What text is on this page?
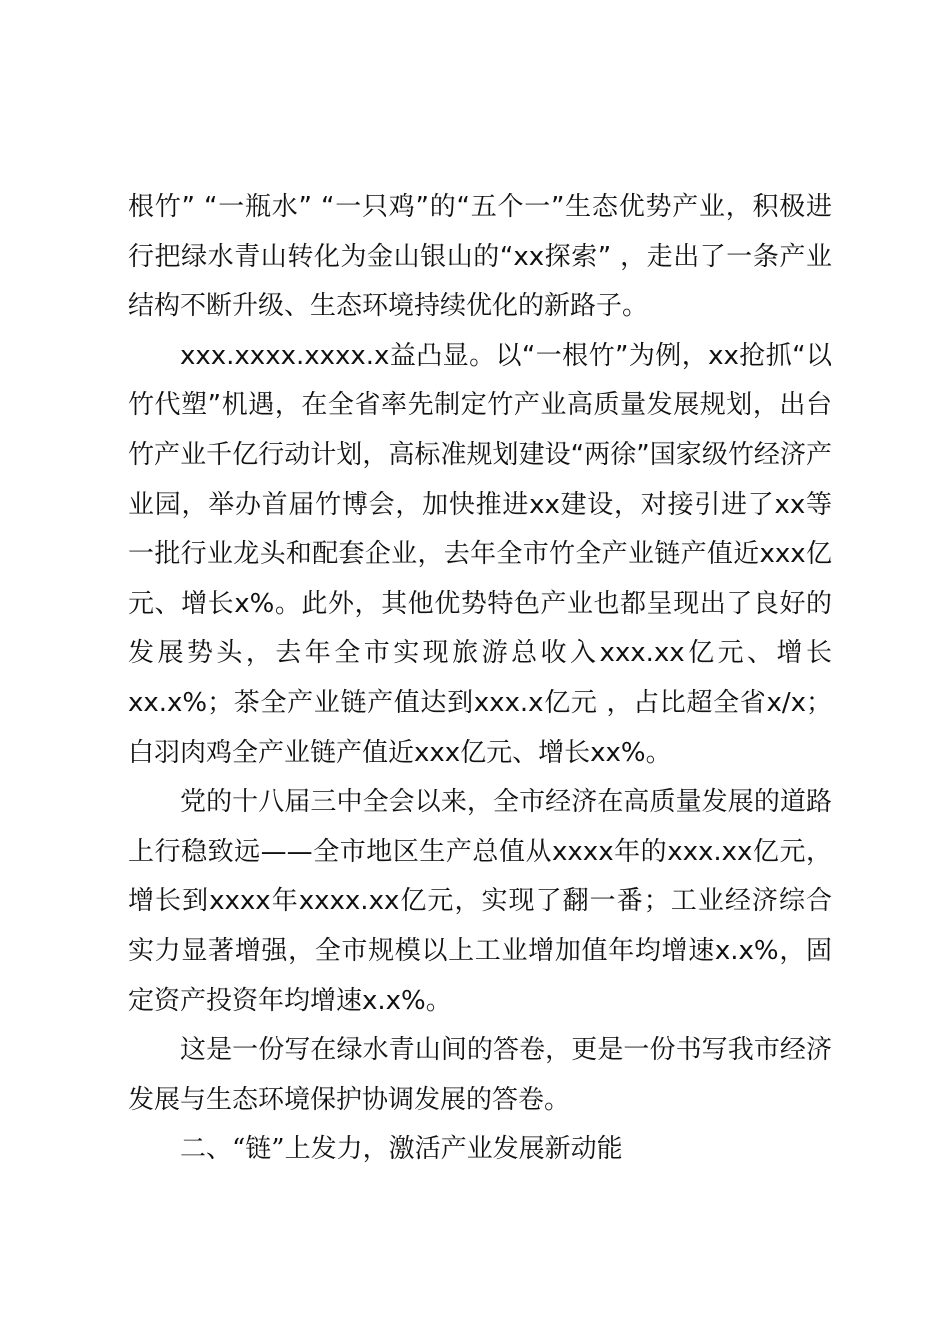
根竹” “一瓶水” “一只鸡”的“五个一”生态优势产业，积极进行把绿水青山转化为金山银山的“xx探索” ，走出了一条产业结构不断升级、生态环境持续优化的新路子。

xxx.xxxx.xxxx.x益凸显。以“一根竹”为例，xx抢抓“以竹代塑”机遇，在全省率先制定竹产业高质量发展规划，出台竹产业千亿行动计划，高标准规划建设“两徐”国家级竹经济产业园，举办首届竹博会，加快推进xx建设，对接引进了xx等一批行业龙头和配套企业，去年全市竹全产业链产值近xxx亿元、增长x%。此外，其他优势特色产业也都呈现出了良好的发展势头，去年全市实现旅游总收入xxx.xx亿元、增长xx.x%；茶全产业链产值达到xxx.x亿元 ，占比超全省x/x；白羽肉鸡全产业链产值近xxx亿元、增长xx%。

党的十八届三中全会以来，全市经济在高质量发展的道路上行稳致远——全市地区生产总值从xxxx年的xxx.xx亿元，增长到xxxx年xxxx.xx亿元，实现了翻一番；工业经济综合实力显著增强，全市规模以上工业增加值年均增速x.x%，固定资产投资年均增速x.x%。

这是一份写在绿水青山间的答卷，更是一份书写我市经济发展与生态环境保护协调发展的答卷。

二、“链”上发力，激活产业发展新动能
